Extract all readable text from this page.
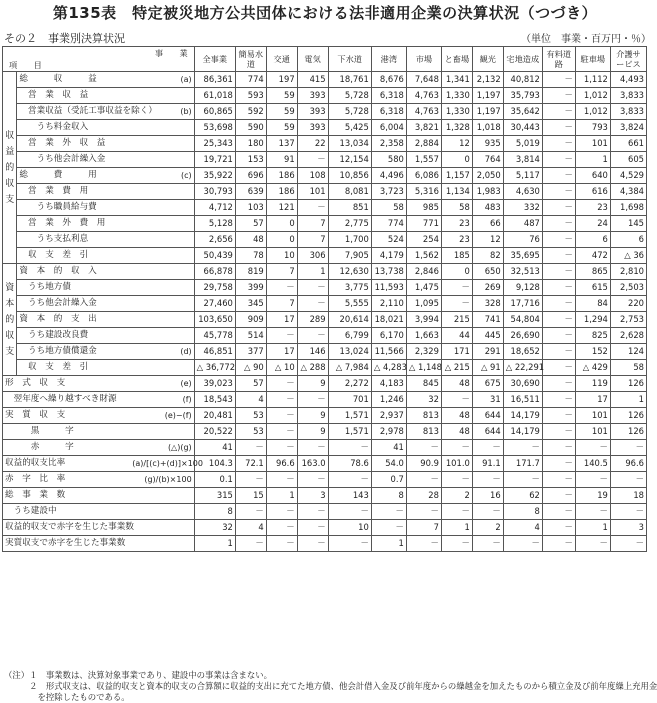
第135表　特定被災地方公共団体における法非適用企業の決算状況（つづき）
その２　事業別決算状況	（単位　事業・百万円・％）
事　　業
項　　目			全事業	簡易水道	交通	電気	下水道	港湾	市場	と畜場	観光	宅地造成	有料道路	駐車場	介護サービス
収益的収支	総　　　収　　　益	(a)	86,361	774	197	415	18,761	8,676	7,648	1,341	2,132	40,812	－	1,112	4,493
	　営　業　収　益		61,018	593	59	393	5,728	6,318	4,763	1,330	1,197	35,793	－	1,012	3,833
	　営業収益（受託工事収益を除く）	(b)	60,865	592	59	393	5,728	6,318	4,763	1,330	1,197	35,642	－	1,012	3,833
	　　うち料金収入		53,698	590	59	393	5,425	6,004	3,821	1,328	1,018	30,443	－	793	3,824
	　営　業　外　収　益		25,343	180	137	22	13,034	2,358	2,884	12	935	5,019	－	101	661
	　　うち他会計繰入金		19,721	153	91	－	12,154	580	1,557	0	764	3,814	－	1	605
	総　　　費　　　用	(c)	35,922	696	186	108	10,856	4,496	6,086	1,157	2,050	5,117	－	640	4,529
	　営　業　費　用		30,793	639	186	101	8,081	3,723	5,316	1,134	1,983	4,630	－	616	4,384
	　　うち職員給与費		4,712	103	121	－	851	58	985	58	483	332	－	23	1,698
	　営　業　外　費　用		5,128	57	0	7	2,775	774	771	23	66	487	－	24	145
	　　うち支払利息		2,656	48	0	7	1,700	524	254	23	12	76	－	6	6
	　収　支　差　引		50,439	78	10	306	7,905	4,179	1,562	185	82	35,695	－	472	△ 36
資本的収支	資　本　的　収　入		66,878	819	7	1	12,630	13,738	2,846	0	650	32,513	－	865	2,810
	　うち地方債		29,758	399	－	－	3,775	11,593	1,475	－	269	9,128	－	615	2,503
	　うち他会計繰入金		27,460	345	7	－	5,555	2,110	1,095	－	328	17,716	－	84	220
	資　本　的　支　出		103,650	909	17	289	20,614	18,021	3,994	215	741	54,804	－	1,294	2,753
	　うち建設改良費		45,778	514	－	－	6,799	6,170	1,663	44	445	26,690	－	825	2,628
	　うち地方債償還金	(d)	46,851	377	17	146	13,024	11,566	2,329	171	291	18,652	－	152	124
	　収　支　差　引		△ 36,772	△ 90	△ 10	△ 288	△ 7,984	△ 4,283	△ 1,148	△ 215	△ 91	△ 22,291	－	△ 429	58
形　式　収　支		(e)	39,023	57	－	9	2,272	4,183	845	48	675	30,690	－	119	126
　翌年度へ繰り越すべき財源		(f)	18,543	4	－	－	701	1,246	32	－	31	16,511	－	17	1
実　質　収　支		(e)−(f)	20,481	53	－	9	1,571	2,937	813	48	644	14,179	－	101	126
　　　黒　　　字			20,522	53	－	9	1,571	2,978	813	48	644	14,179	－	101	126
　　　赤　　　字		(△)(g)	41	－	－	－	－	41	－	－	－	－	－	－	－
収益的収支比率		(a)/[(c)+(d)]×100	104.3	72.1	96.6	163.0	78.6	54.0	90.9	101.0	91.1	171.7	－	140.5	96.6
赤　字　比　率		(g)/(b)×100	0.1	－	－	－	－	0.7	－	－	－	－	－	－	－
総　事　業　数			315	15	1	3	143	8	28	2	16	62	－	19	18
　うち建設中			8	－	－	－	－	－	－	－	－	8	－	－	－
収益的収支で赤字を生じた事業数			32	4	－	－	10	－	7	1	2	4	－	1	3
実質収支で赤字を生じた事業数			1	－	－	－	－	1	－	－	－	－	－	－	－
（注）１　事業数は、決算対象事業であり、建設中の事業は含まない。
　　　２　形式収支は、収益的収支と資本的収支の合算額に収益的支出に充てた地方債、他会計借入金及び前年度からの繰越金を加えたものから積立金及び前年度繰上充用金
　　　　を控除したものである。
